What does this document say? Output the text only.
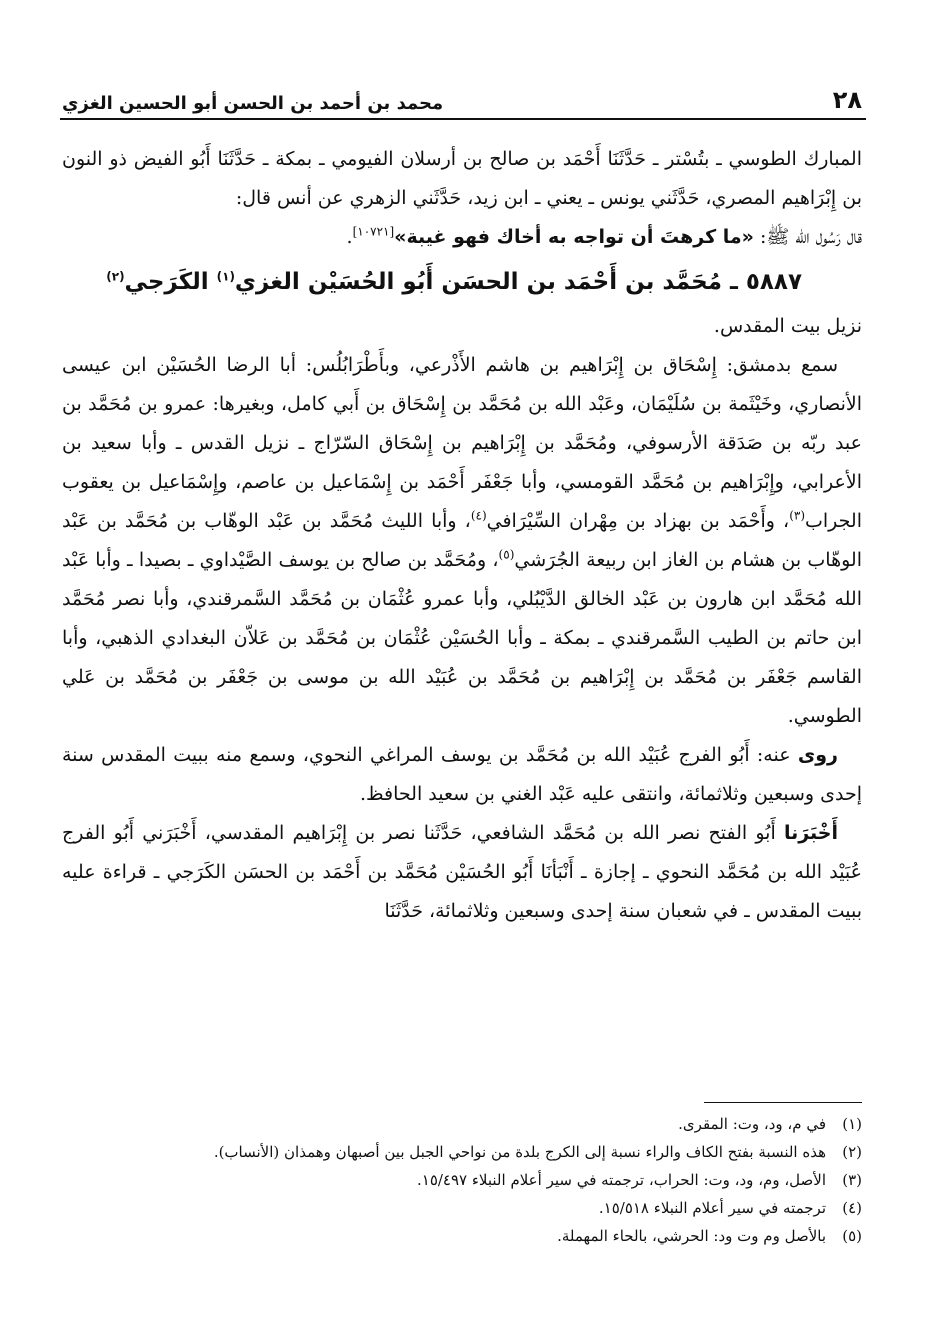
٢٨
محمد بن أحمد بن الحسن أبو الحسين الغزي

المبارك الطوسي ـ بتُسْتر ـ حَدَّثَنَا أَحْمَد بن صالح بن أرسلان الفيومي ـ بمكة ـ حَدَّثَنَا أَبُو الفيض ذو النون بن إِبْرَاهيم المصري، حَدَّثَني يونس ـ يعني ـ ابن زيد، حَدَّثَني الزهري عن أنس قال:

قال رَسُول الله ﷺ: «ما كرهتَ أن تواجه به أخاك فهو غيبة»[١٠٧٢١].

٥٨٨٧ ـ مُحَمَّد بن أَحْمَد بن الحسَن أَبُو الحُسَيْن الغزي$^{(١)}$ الكَرَجي$^{(٢)}$

نزيل بيت المقدس.

سمع بدمشق: إِسْحَاق بن إِبْرَاهيم بن هاشم الأَذْرعي، وبأَطْرَابُلُس: أبا الرضا الحُسَيْن ابن عيسى الأنصاري، وخَيْثَمة بن سُلَيْمَان، وعَبْد الله بن مُحَمَّد بن إِسْحَاق بن أَبي كامل، وبغيرها: عمرو بن مُحَمَّد بن عبد ربّه بن صَدَقة الأرسوفي، ومُحَمَّد بن إِبْرَاهيم بن إِسْحَاق السّرّاج ـ نزيل القدس ـ وأبا سعيد بن الأعرابي، وإِبْرَاهيم بن مُحَمَّد القومسي، وأبا جَعْفَر أَحْمَد بن إِسْمَاعيل بن عاصم، وإِسْمَاعيل بن يعقوب الجراب$^{(٣)}$، وأَحْمَد بن بهزاد بن مِهْران السِّيْرَافي$^{(٤)}$، وأبا الليث مُحَمَّد بن عَبْد الوهّاب بن مُحَمَّد بن عَبْد الوهّاب بن هشام بن الغاز ابن ربيعة الجُرَشي$^{(٥)}$، ومُحَمَّد بن صالح بن يوسف الصَّيْداوي ـ بصيدا ـ وأبا عَبْد الله مُحَمَّد ابن هارون بن عَبْد الخالق الدَّيْبُلي، وأبا عمرو عُثْمَان بن مُحَمَّد السَّمرقندي، وأبا نصر مُحَمَّد ابن حاتم بن الطيب السَّمرقندي ـ بمكة ـ وأبا الحُسَيْن عُثْمَان بن مُحَمَّد بن عَلاّن البغدادي الذهبي، وأبا القاسم جَعْفَر بن مُحَمَّد بن إِبْرَاهيم بن مُحَمَّد بن عُبَيْد الله بن موسى بن جَعْفَر بن مُحَمَّد بن عَلي الطوسي.

روى عنه: أَبُو الفرج عُبَيْد الله بن مُحَمَّد بن يوسف المراغي النحوي، وسمع منه ببيت المقدس سنة إحدى وسبعين وثلاثمائة، وانتقى عليه عَبْد الغني بن سعيد الحافظ.

أَخْبَرَنا أَبُو الفتح نصر الله بن مُحَمَّد الشافعي، حَدَّثَنا نصر بن إِبْرَاهيم المقدسي، أَخْبَرَني أَبُو الفرج عُبَيْد الله بن مُحَمَّد النحوي ـ إجازة ـ أَنْبَأنَا أَبُو الحُسَيْن مُحَمَّد بن أَحْمَد بن الحسَن الكَرَجي ـ قراءة عليه ببيت المقدس ـ في شعبان سنة إحدى وسبعين وثلاثمائة، حَدَّثَنَا

(١)
في م، ود، وت: المقرى.
(٢)
هذه النسبة بفتح الكاف والراء نسبة إلى الكرج بلدة من نواحي الجبل بين أصبهان وهمذان (الأنساب).
(٣)
الأصل، وم، ود، وت: الحراب، ترجمته في سير أعلام النبلاء ١٥/٤٩٧.
(٤)
ترجمته في سير أعلام النبلاء ١٥/٥١٨.
(٥)
بالأصل وم وت ود: الحرشي، بالحاء المهملة.
